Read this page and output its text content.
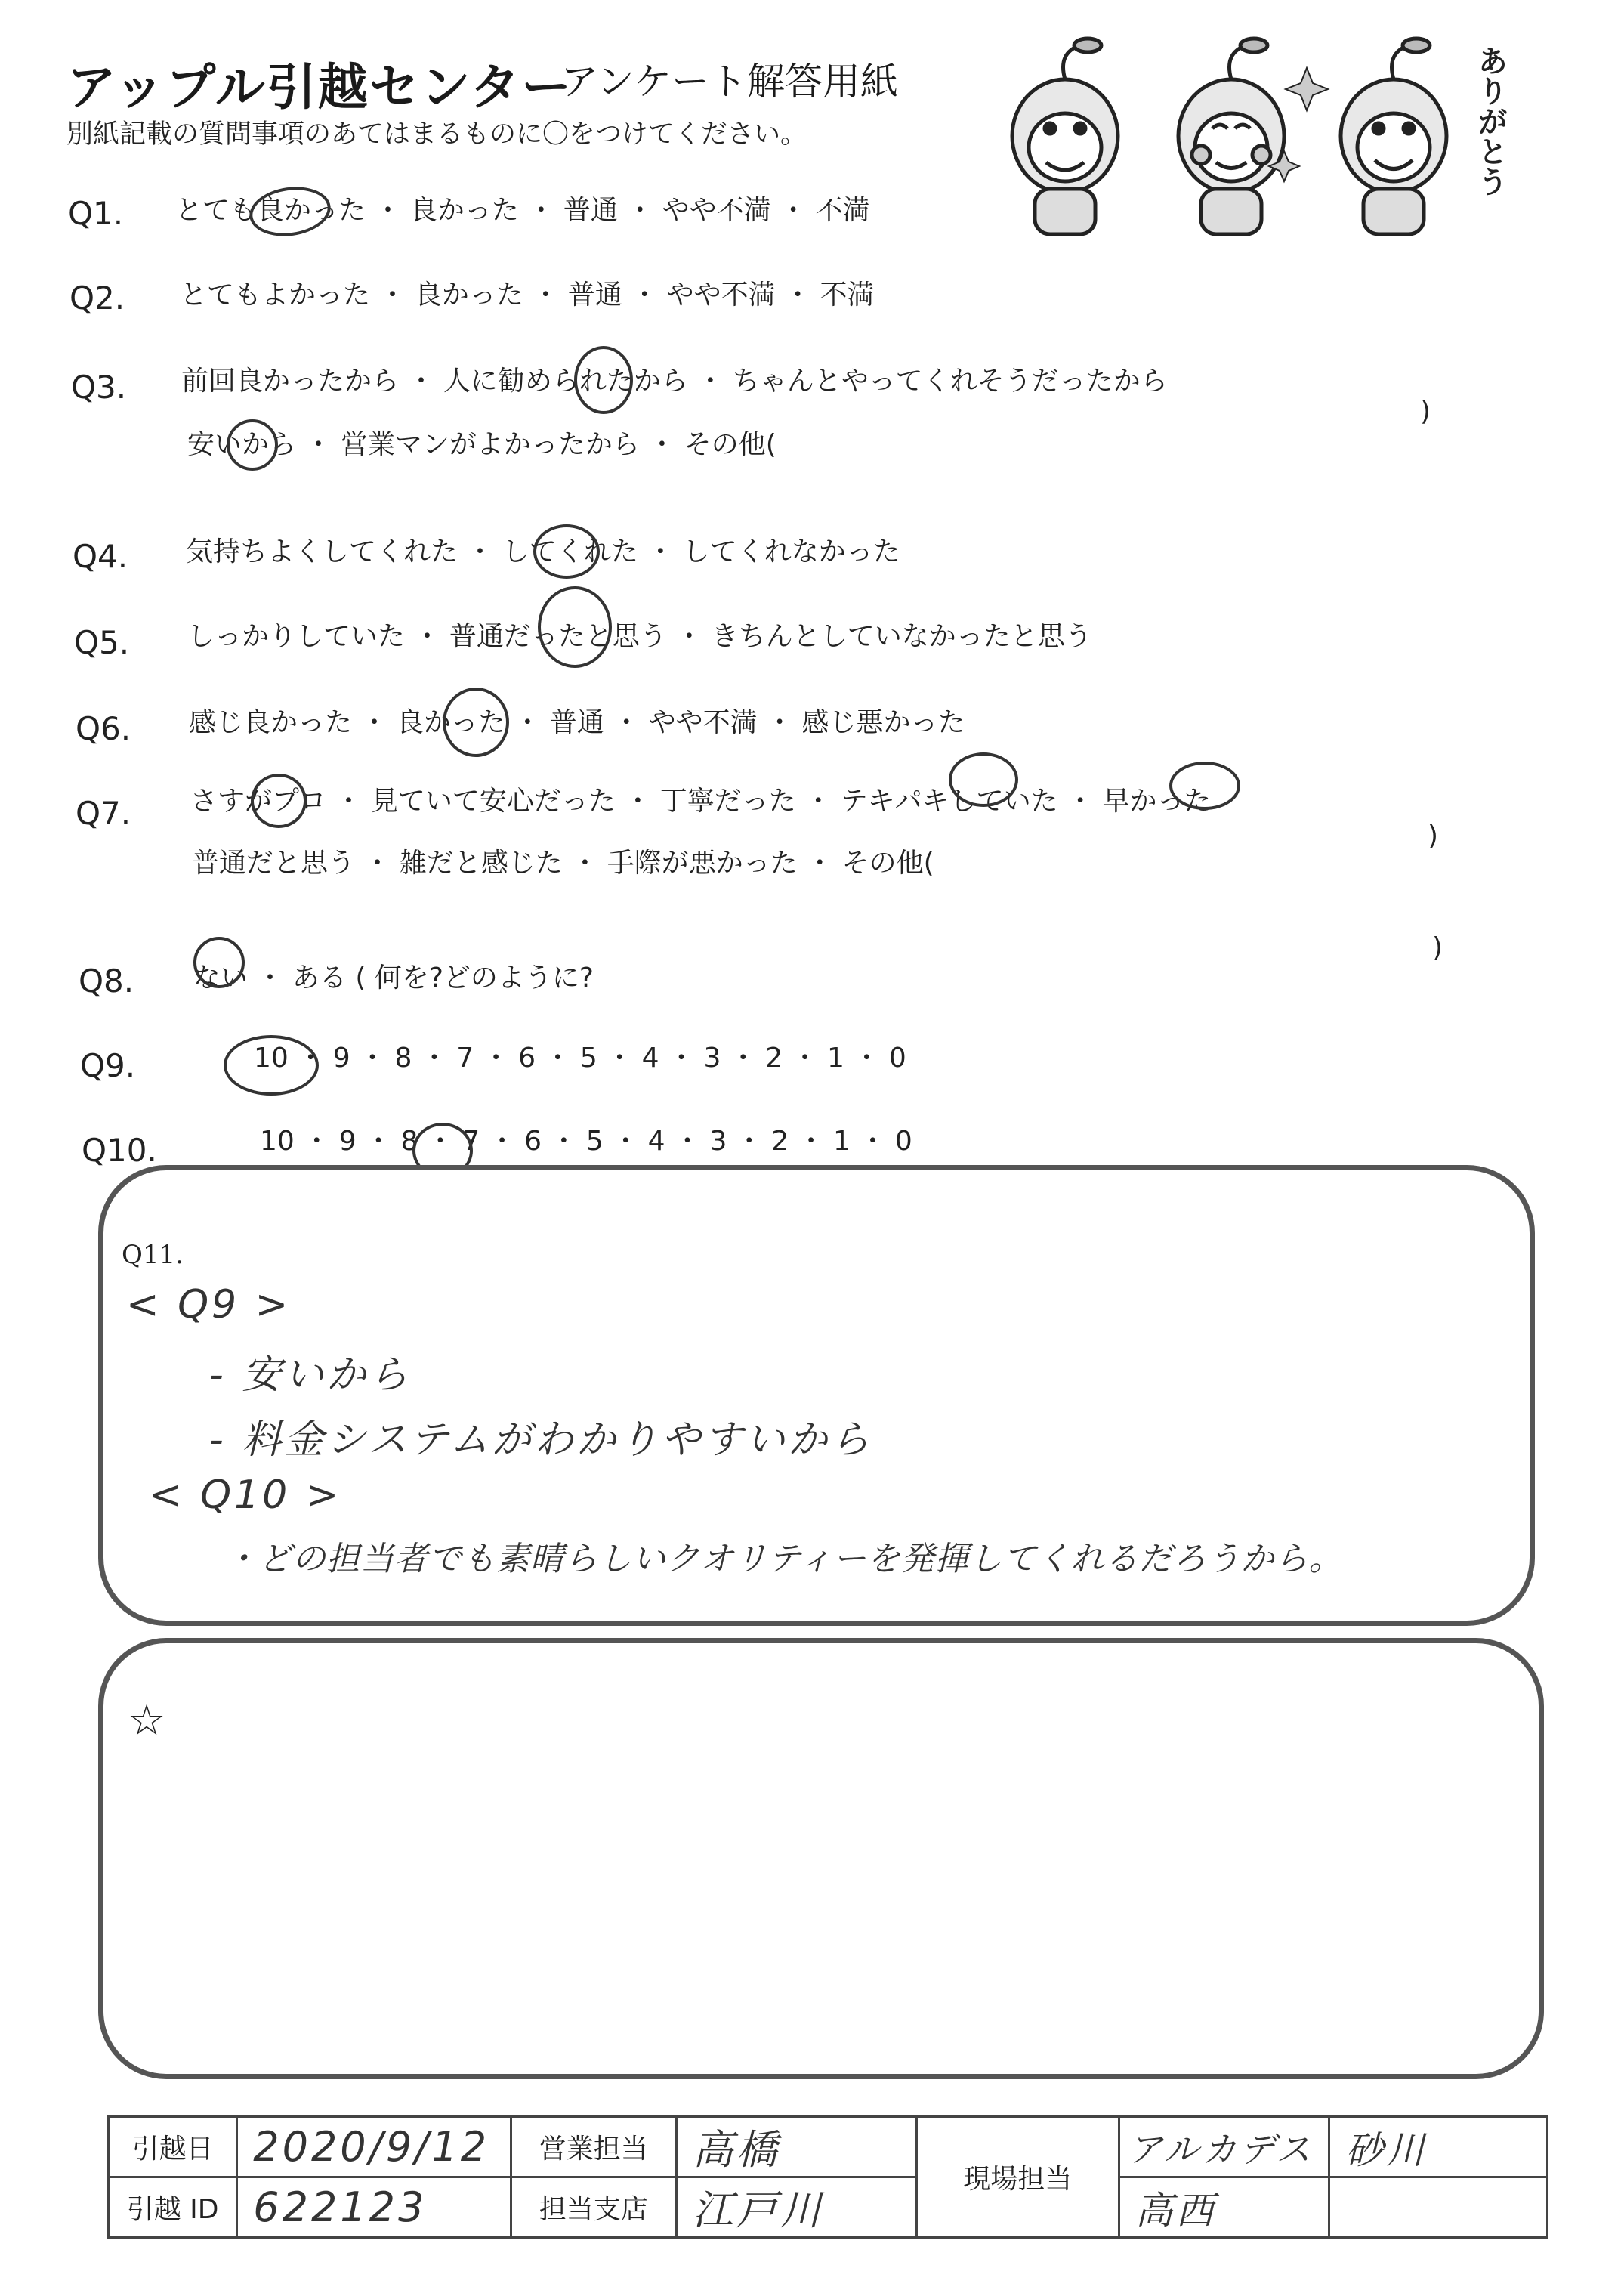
アップル引越センター
アンケート解答用紙
別紙記載の質問事項のあてはまるものに〇をつけてください。	ありがとう
Q1. とても良かった ・ 良かった ・ 普通 ・ やや不満 ・ 不満
Q2. とてもよかった ・ 良かった ・ 普通 ・ やや不満 ・ 不満
Q3. 前回良かったから ・ 人に勧められたから ・ ちゃんとやってくれそうだったから
安いから ・ 営業マンがよかったから ・ その他(
)
Q4. 気持ちよくしてくれた ・ してくれた ・ してくれなかった
Q5. しっかりしていた ・ 普通だったと思う ・ きちんとしていなかったと思う
Q6. 感じ良かった ・ 良かった ・ 普通 ・ やや不満 ・ 感じ悪かった
Q7. さすがプロ ・ 見ていて安心だった ・ 丁寧だった ・ テキパキしていた ・ 早かった
普通だと思う ・ 雑だと感じた ・ 手際が悪かった ・ その他(
)
Q8. ない ・ ある ( 何を?どのように?
)
Q9.	10 ・ 9 ・ 8 ・ 7 ・ 6 ・ 5 ・ 4 ・ 3 ・ 2 ・ 1 ・ 0
Q10.	10 ・ 9 ・ 8 ・ 7 ・ 6 ・ 5 ・ 4 ・ 3 ・ 2 ・ 1 ・ 0
Q11.
< Q9 >
- 安いから
- 料金システムがわかりやすいから
< Q10 >
・どの担当者でも素晴らしいクオリティーを発揮してくれるだろうから。
☆
引越日	2020/9/12	営業担当	高橋	現場担当	アルカデス	砂川
引越 ID	622123	担当支店	江戸川		高西	
